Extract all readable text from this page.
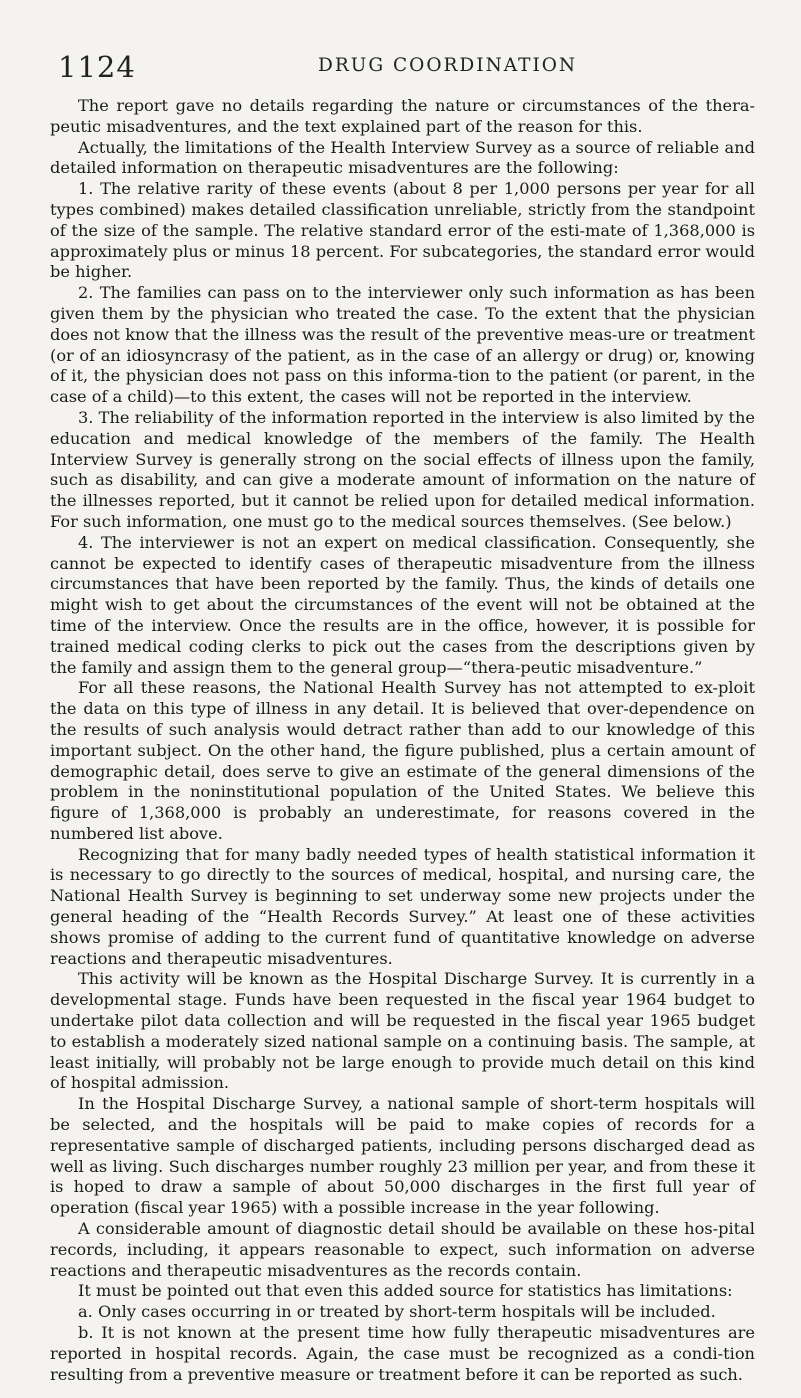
1124	DRUG COORDINATION

The report gave no details regarding the nature or circumstances of the thera-peutic misadventures, and the text explained part of the reason for this.

Actually, the limitations of the Health Interview Survey as a source of reliable and detailed information on therapeutic misadventures are the following:

1. The relative rarity of these events (about 8 per 1,000 persons per year for all types combined) makes detailed classification unreliable, strictly from the standpoint of the size of the sample. The relative standard error of the esti-mate of 1,368,000 is approximately plus or minus 18 percent. For subcategories, the standard error would be higher.

2. The families can pass on to the interviewer only such information as has been given them by the physician who treated the case. To the extent that the physician does not know that the illness was the result of the preventive meas-ure or treatment (or of an idiosyncrasy of the patient, as in the case of an allergy or drug) or, knowing of it, the physician does not pass on this informa-tion to the patient (or parent, in the case of a child)—to this extent, the cases will not be reported in the interview.

3. The reliability of the information reported in the interview is also limited by the education and medical knowledge of the members of the family. The Health Interview Survey is generally strong on the social effects of illness upon the family, such as disability, and can give a moderate amount of information on the nature of the illnesses reported, but it cannot be relied upon for detailed medical information. For such information, one must go to the medical sources themselves. (See below.)

4. The interviewer is not an expert on medical classification. Consequently, she cannot be expected to identify cases of therapeutic misadventure from the illness circumstances that have been reported by the family. Thus, the kinds of details one might wish to get about the circumstances of the event will not be obtained at the time of the interview. Once the results are in the office, however, it is possible for trained medical coding clerks to pick out the cases from the descriptions given by the family and assign them to the general group—“thera-peutic misadventure.”

For all these reasons, the National Health Survey has not attempted to ex-ploit the data on this type of illness in any detail. It is believed that over-dependence on the results of such analysis would detract rather than add to our knowledge of this important subject. On the other hand, the figure published, plus a certain amount of demographic detail, does serve to give an estimate of the general dimensions of the problem in the noninstitutional population of the United States. We believe this figure of 1,368,000 is probably an underestimate, for reasons covered in the numbered list above.

Recognizing that for many badly needed types of health statistical information it is necessary to go directly to the sources of medical, hospital, and nursing care, the National Health Survey is beginning to set underway some new projects under the general heading of the “Health Records Survey.” At least one of these activities shows promise of adding to the current fund of quantitative knowledge on adverse reactions and therapeutic misadventures.

This activity will be known as the Hospital Discharge Survey. It is currently in a developmental stage. Funds have been requested in the fiscal year 1964 budget to undertake pilot data collection and will be requested in the fiscal year 1965 budget to establish a moderately sized national sample on a continuing basis. The sample, at least initially, will probably not be large enough to provide much detail on this kind of hospital admission.

In the Hospital Discharge Survey, a national sample of short-term hospitals will be selected, and the hospitals will be paid to make copies of records for a representative sample of discharged patients, including persons discharged dead as well as living. Such discharges number roughly 23 million per year, and from these it is hoped to draw a sample of about 50,000 discharges in the first full year of operation (fiscal year 1965) with a possible increase in the year following.

A considerable amount of diagnostic detail should be available on these hos-pital records, including, it appears reasonable to expect, such information on adverse reactions and therapeutic misadventures as the records contain.

It must be pointed out that even this added source for statistics has limitations:

a. Only cases occurring in or treated by short-term hospitals will be included.

b. It is not known at the present time how fully therapeutic misadventures are reported in hospital records. Again, the case must be recognized as a condi-tion resulting from a preventive measure or treatment before it can be reported as such.
